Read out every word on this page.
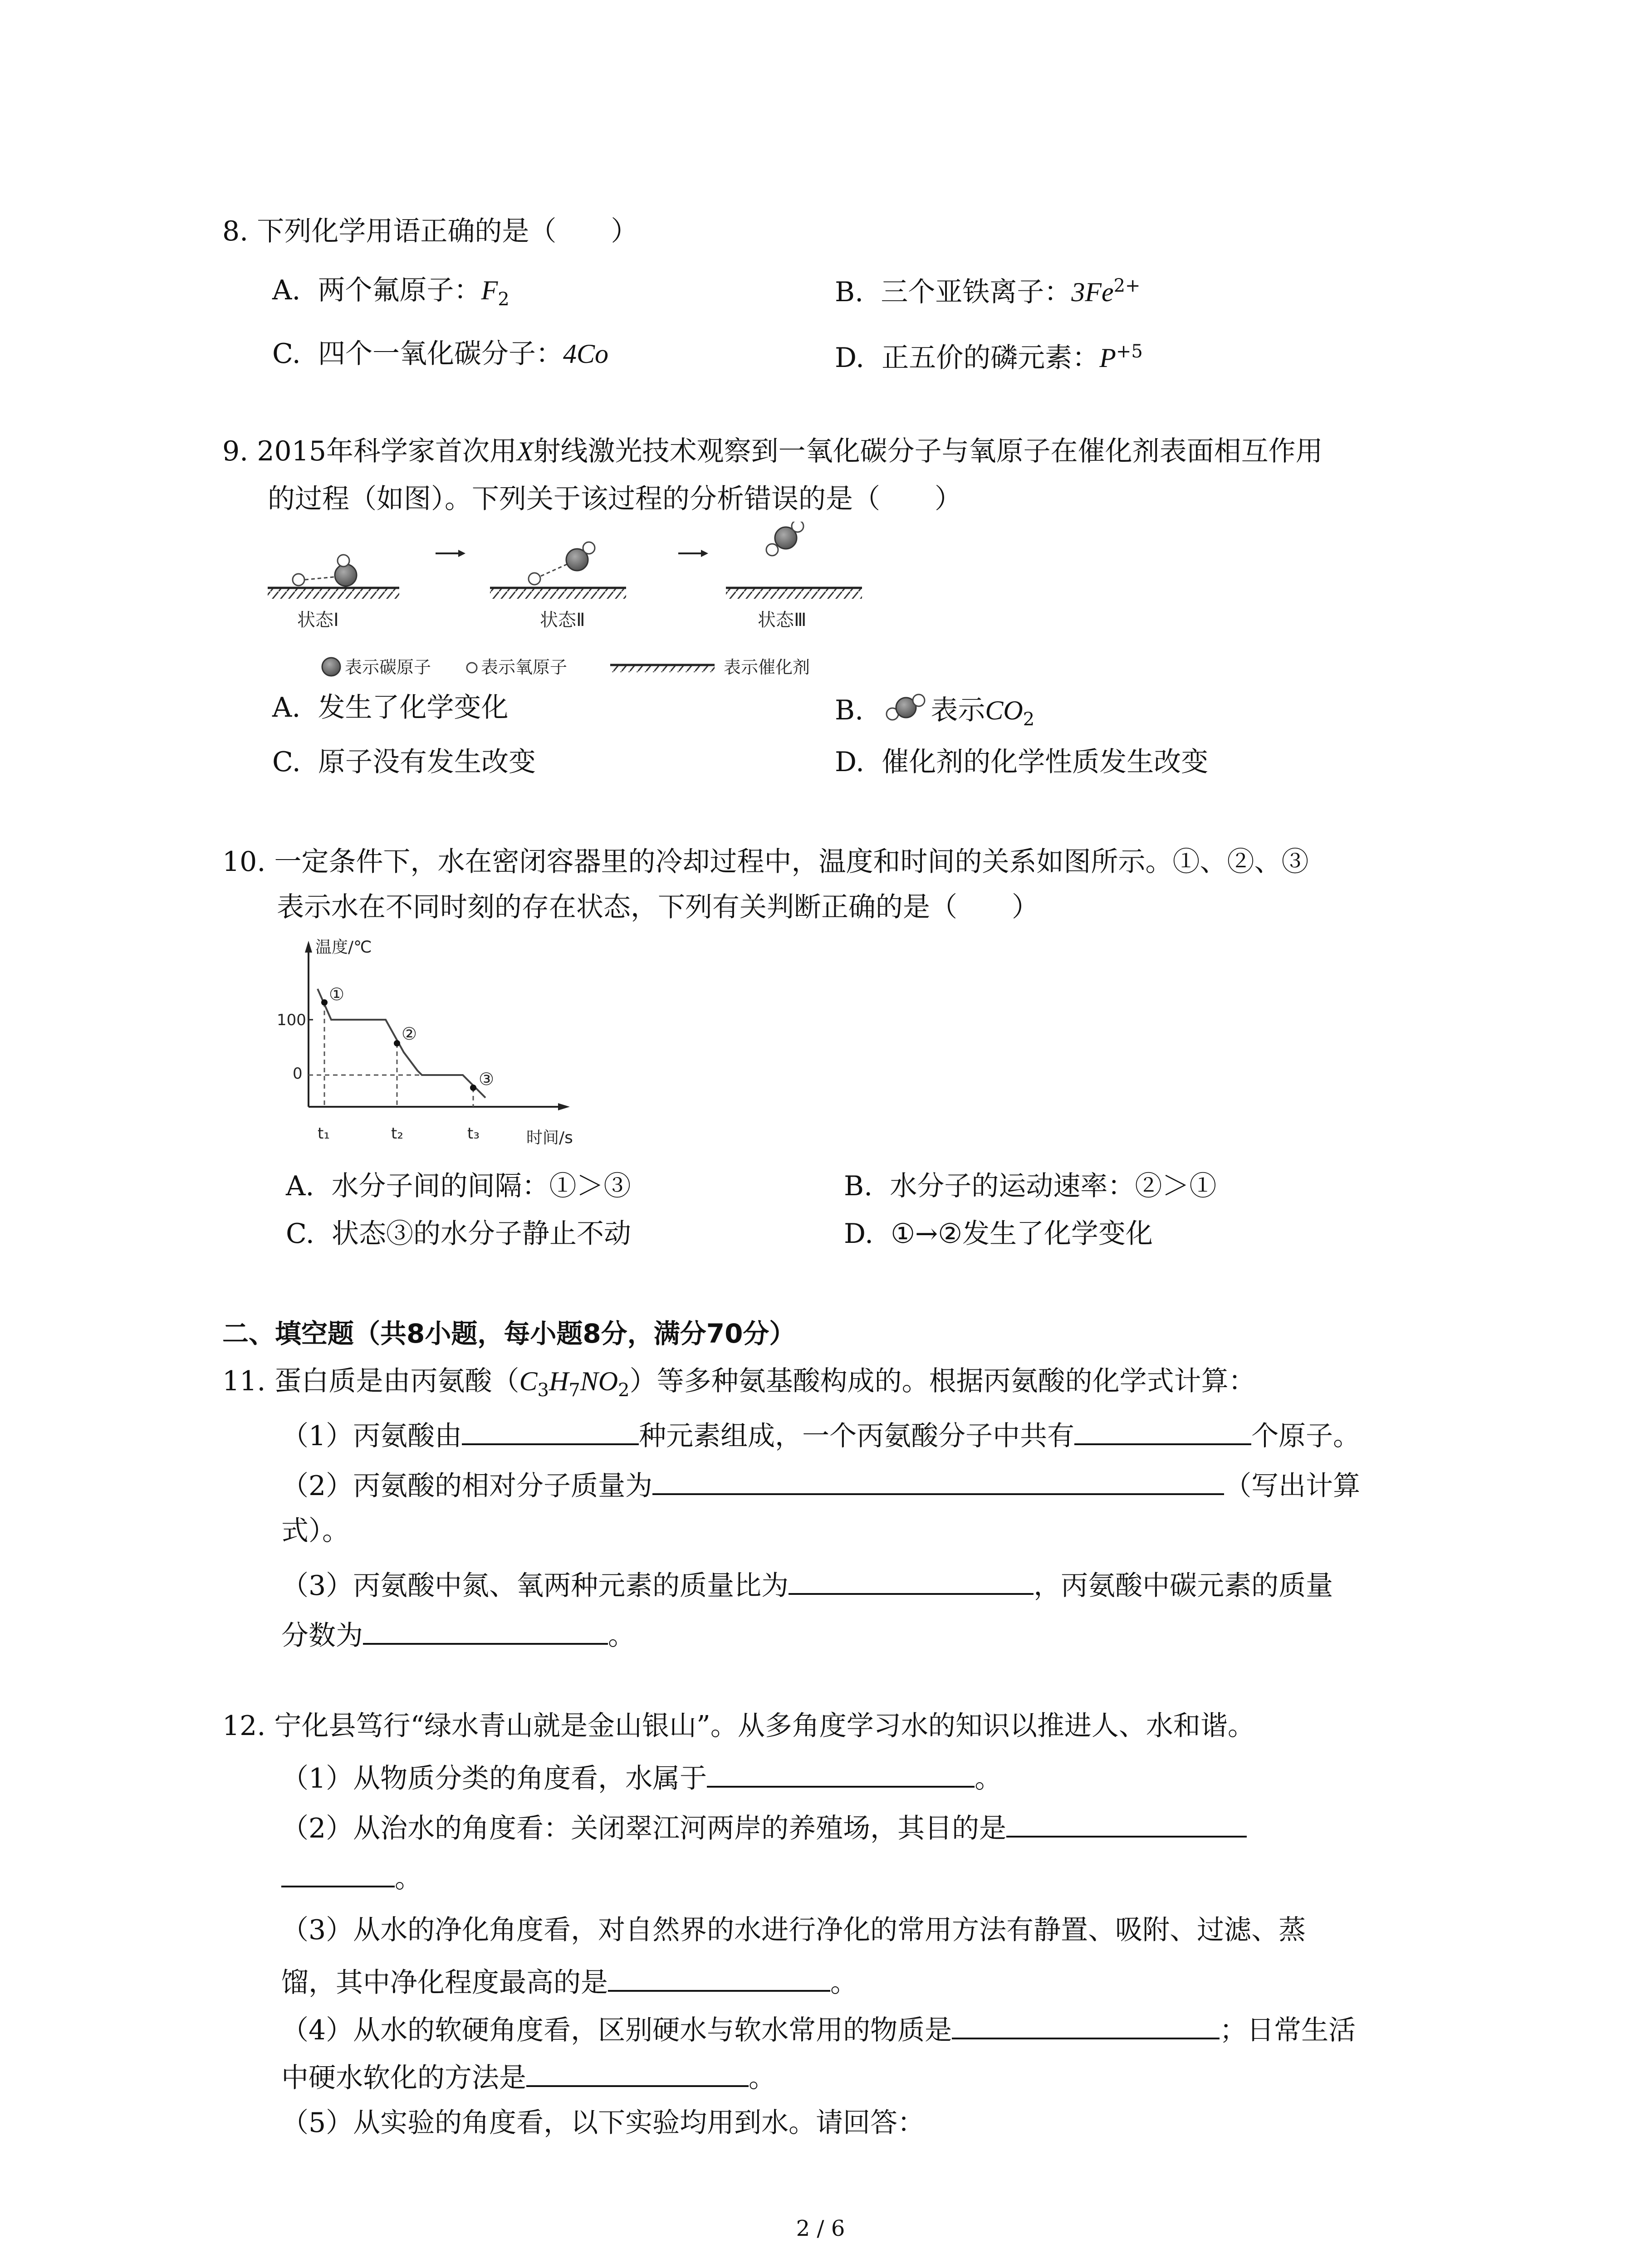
8. 下列化学用语正确的是（　　）
A. 两个氟原子：$F_2$	B. 三个亚铁离子：$3Fe^{2+}$
C. 四个一氧化碳分子：4Co	D. 正五价的磷元素：$P^{+5}$
9. 2015年科学家首次用X射线激光技术观察到一氧化碳分子与氧原子在催化剂表面相互作用
的过程（如图）。下列关于该过程的分析错误的是（　　）
状态Ⅰ	状态Ⅱ	状态Ⅲ
表示碳原子	表示氧原子	表示催化剂
A. 发生了化学变化	B. 表示$CO_2$
C. 原子没有发生改变	D. 催化剂的化学性质发生改变
10. 一定条件下，水在密闭容器里的冷却过程中，温度和时间的关系如图所示。①、②、③
表示水在不同时刻的存在状态，下列有关判断正确的是（　　）
温度/℃
时间/s
100
0
①
②
③
t₁	t₂	t₃
A. 水分子间的间隔：①＞③	B. 水分子的运动速率：②＞①
C. 状态③的水分子静止不动	D. ①→②发生了化学变化
二、填空题（共8小题，每小题8分，满分70分）
11. 蛋白质是由丙氨酸$(C_3H_7NO_2)$等多种氨基酸构成的。根据丙氨酸的化学式计算：
（1）丙氨酸由	种元素组成，一个丙氨酸分子中共有	个原子。
（2）丙氨酸的相对分子质量为	（写出计算
式）。
（3）丙氨酸中氮、氧两种元素的质量比为	，丙氨酸中碳元素的质量
分数为	。
12. 宁化县笃行“绿水青山就是金山银山”。从多角度学习水的知识以推进人、水和谐。
（1）从物质分类的角度看，水属于	。
（2）从治水的角度看：关闭翠江河两岸的养殖场，其目的是
。
（3）从水的净化角度看，对自然界的水进行净化的常用方法有静置、吸附、过滤、蒸
馏，其中净化程度最高的是	。
（4）从水的软硬角度看，区别硬水与软水常用的物质是	；日常生活
中硬水软化的方法是	。
（5）从实验的角度看，以下实验均用到水。请回答：
2 / 6
